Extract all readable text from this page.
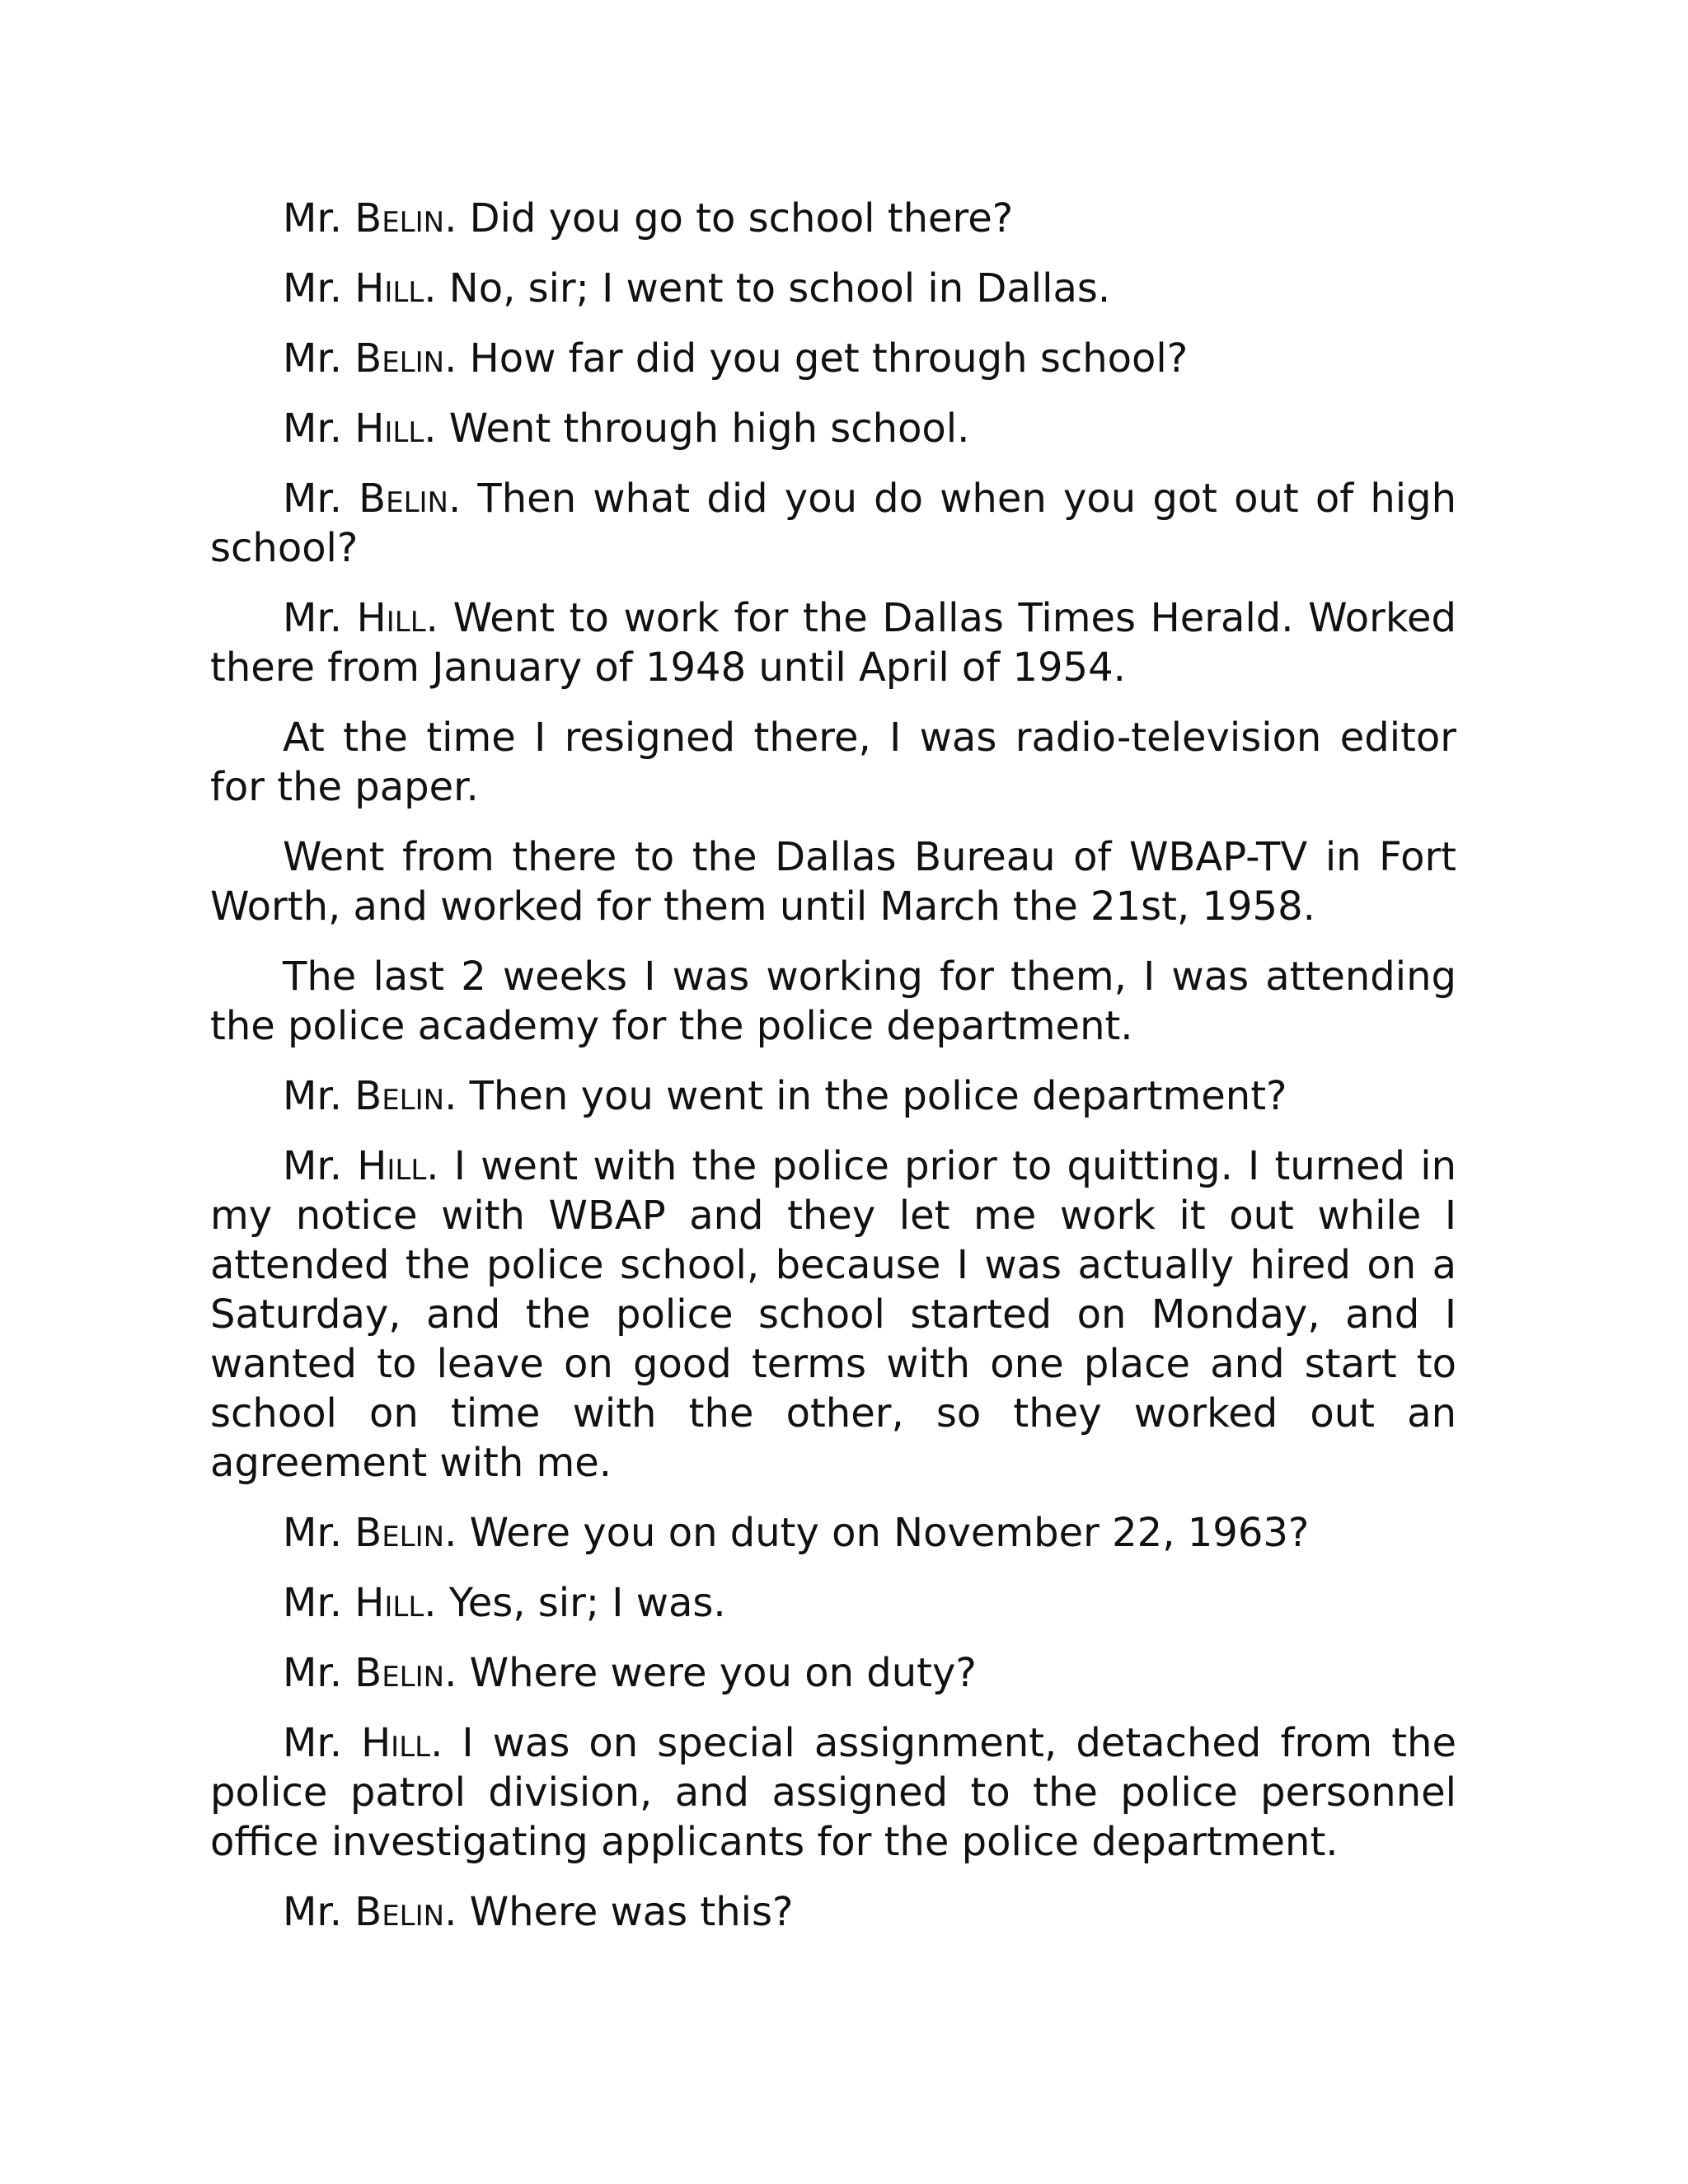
Mr. Belin. Did you go to school there?

Mr. Hill. No, sir; I went to school in Dallas.

Mr. Belin. How far did you get through school?

Mr. Hill. Went through high school.

Mr. Belin. Then what did you do when you got out of high school?

Mr. Hill. Went to work for the Dallas Times Herald. Worked there from January of 1948 until April of 1954.

At the time I resigned there, I was radio-television editor for the paper.

Went from there to the Dallas Bureau of WBAP-TV in Fort Worth, and worked for them until March the 21st, 1958.

The last 2 weeks I was working for them, I was attending the police academy for the police department.

Mr. Belin. Then you went in the police department?

Mr. Hill. I went with the police prior to quitting. I turned in my notice with WBAP and they let me work it out while I attended the police school, because I was actually hired on a Saturday, and the police school started on Monday, and I wanted to leave on good terms with one place and start to school on time with the other, so they worked out an agreement with me.

Mr. Belin. Were you on duty on November 22, 1963?

Mr. Hill. Yes, sir; I was.

Mr. Belin. Where were you on duty?

Mr. Hill. I was on special assignment, detached from the police patrol division, and assigned to the police personnel office investigating applicants for the police department.

Mr. Belin. Where was this?
